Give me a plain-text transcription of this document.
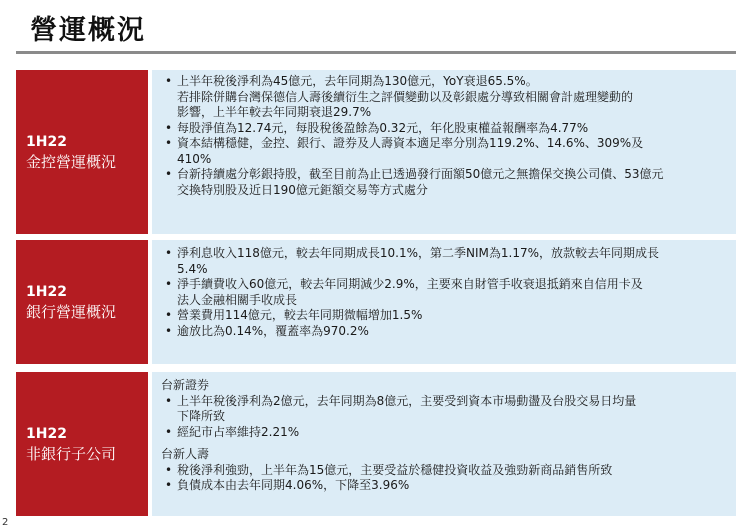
營運概況
1H22
金控營運概況
• 上半年稅後淨利為45億元，去年同期為130億元，YoY衰退65.5%。
若排除併購台灣保德信人壽後續衍生之評價變動以及彰銀處分導致相關會計處理變動的
影響，上半年較去年同期衰退29.7%
• 每股淨值為12.74元，每股稅後盈餘為0.32元，年化股東權益報酬率為4.77%
• 資本結構穩健，金控、銀行、證券及人壽資本適足率分別為119.2%、14.6%、309%及
410%
• 台新持續處分彰銀持股，截至目前為止已透過發行面額50億元之無擔保交換公司債、53億元
交換特別股及近日190億元鉅額交易等方式處分
1H22
銀行營運概況
• 淨利息收入118億元，較去年同期成長10.1%，第二季NIM為1.17%，放款較去年同期成長
5.4%
• 淨手續費收入60億元，較去年同期減少2.9%，主要來自財管手收衰退抵銷來自信用卡及
法人金融相關手收成長
• 營業費用114億元，較去年同期微幅增加1.5%
• 逾放比為0.14%，覆蓋率為970.2%
1H22
非銀行子公司
台新證券
• 上半年稅後淨利為2億元，去年同期為8億元，主要受到資本市場動盪及台股交易日均量
下降所致
• 經紀市占率維持2.21%
台新人壽
• 稅後淨利強勁，上半年為15億元，主要受益於穩健投資收益及強勁新商品銷售所致
• 負債成本由去年同期4.06%，下降至3.96%
2
